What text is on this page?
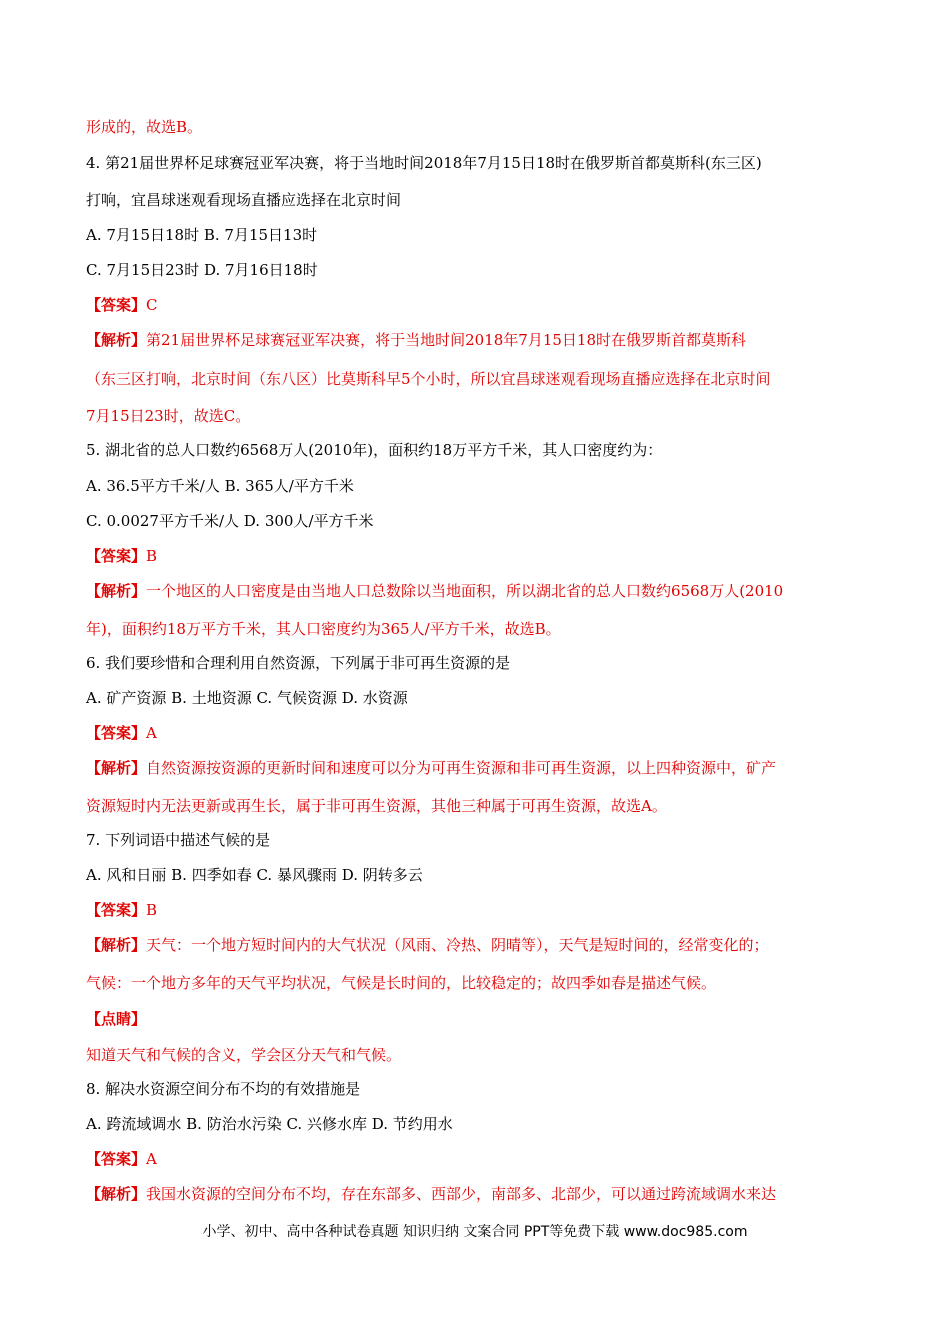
形成的，故选B。
4. 第21届世界杯足球赛冠亚军决赛，将于当地时间2018年7月15日18时在俄罗斯首都莫斯科(东三区)
打响，宜昌球迷观看现场直播应选择在北京时间
A. 7月15日18时 B. 7月15日13时
C. 7月15日23时 D. 7月16日18时
【答案】C
【解析】第21届世界杯足球赛冠亚军决赛，将于当地时间2018年7月15日18时在俄罗斯首都莫斯科
（东三区打响，北京时间（东八区）比莫斯科早5个小时，所以宜昌球迷观看现场直播应选择在北京时间
7月15日23时，故选C。
5. 湖北省的总人口数约6568万人(2010年)，面积约18万平方千米，其人口密度约为：
A. 36.5平方千米/人 B. 365人/平方千米
C. 0.0027平方千米/人 D. 300人/平方千米
【答案】B
【解析】一个地区的人口密度是由当地人口总数除以当地面积，所以湖北省的总人口数约6568万人(2010
年)，面积约18万平方千米，其人口密度约为365人/平方千米，故选B。
6. 我们要珍惜和合理利用自然资源，下列属于非可再生资源的是
A. 矿产资源 B. 土地资源 C. 气候资源 D. 水资源
【答案】A
【解析】自然资源按资源的更新时间和速度可以分为可再生资源和非可再生资源，以上四种资源中，矿产
资源短时内无法更新或再生长，属于非可再生资源，其他三种属于可再生资源，故选A。
7. 下列词语中描述气候的是
A. 风和日丽 B. 四季如春 C. 暴风骤雨 D. 阴转多云
【答案】B
【解析】天气：一个地方短时间内的大气状况（风雨、冷热、阴晴等），天气是短时间的，经常变化的；
气候：一个地方多年的天气平均状况，气候是长时间的，比较稳定的；故四季如春是描述气候。
【点睛】
知道天气和气候的含义，学会区分天气和气候。
8. 解决水资源空间分布不均的有效措施是
A. 跨流域调水 B. 防治水污染 C. 兴修水库 D. 节约用水
【答案】A
【解析】我国水资源的空间分布不均，存在东部多、西部少，南部多、北部少，可以通过跨流域调水来达
小学、初中、高中各种试卷真题 知识归纳 文案合同 PPT等免费下载 www.doc985.com
